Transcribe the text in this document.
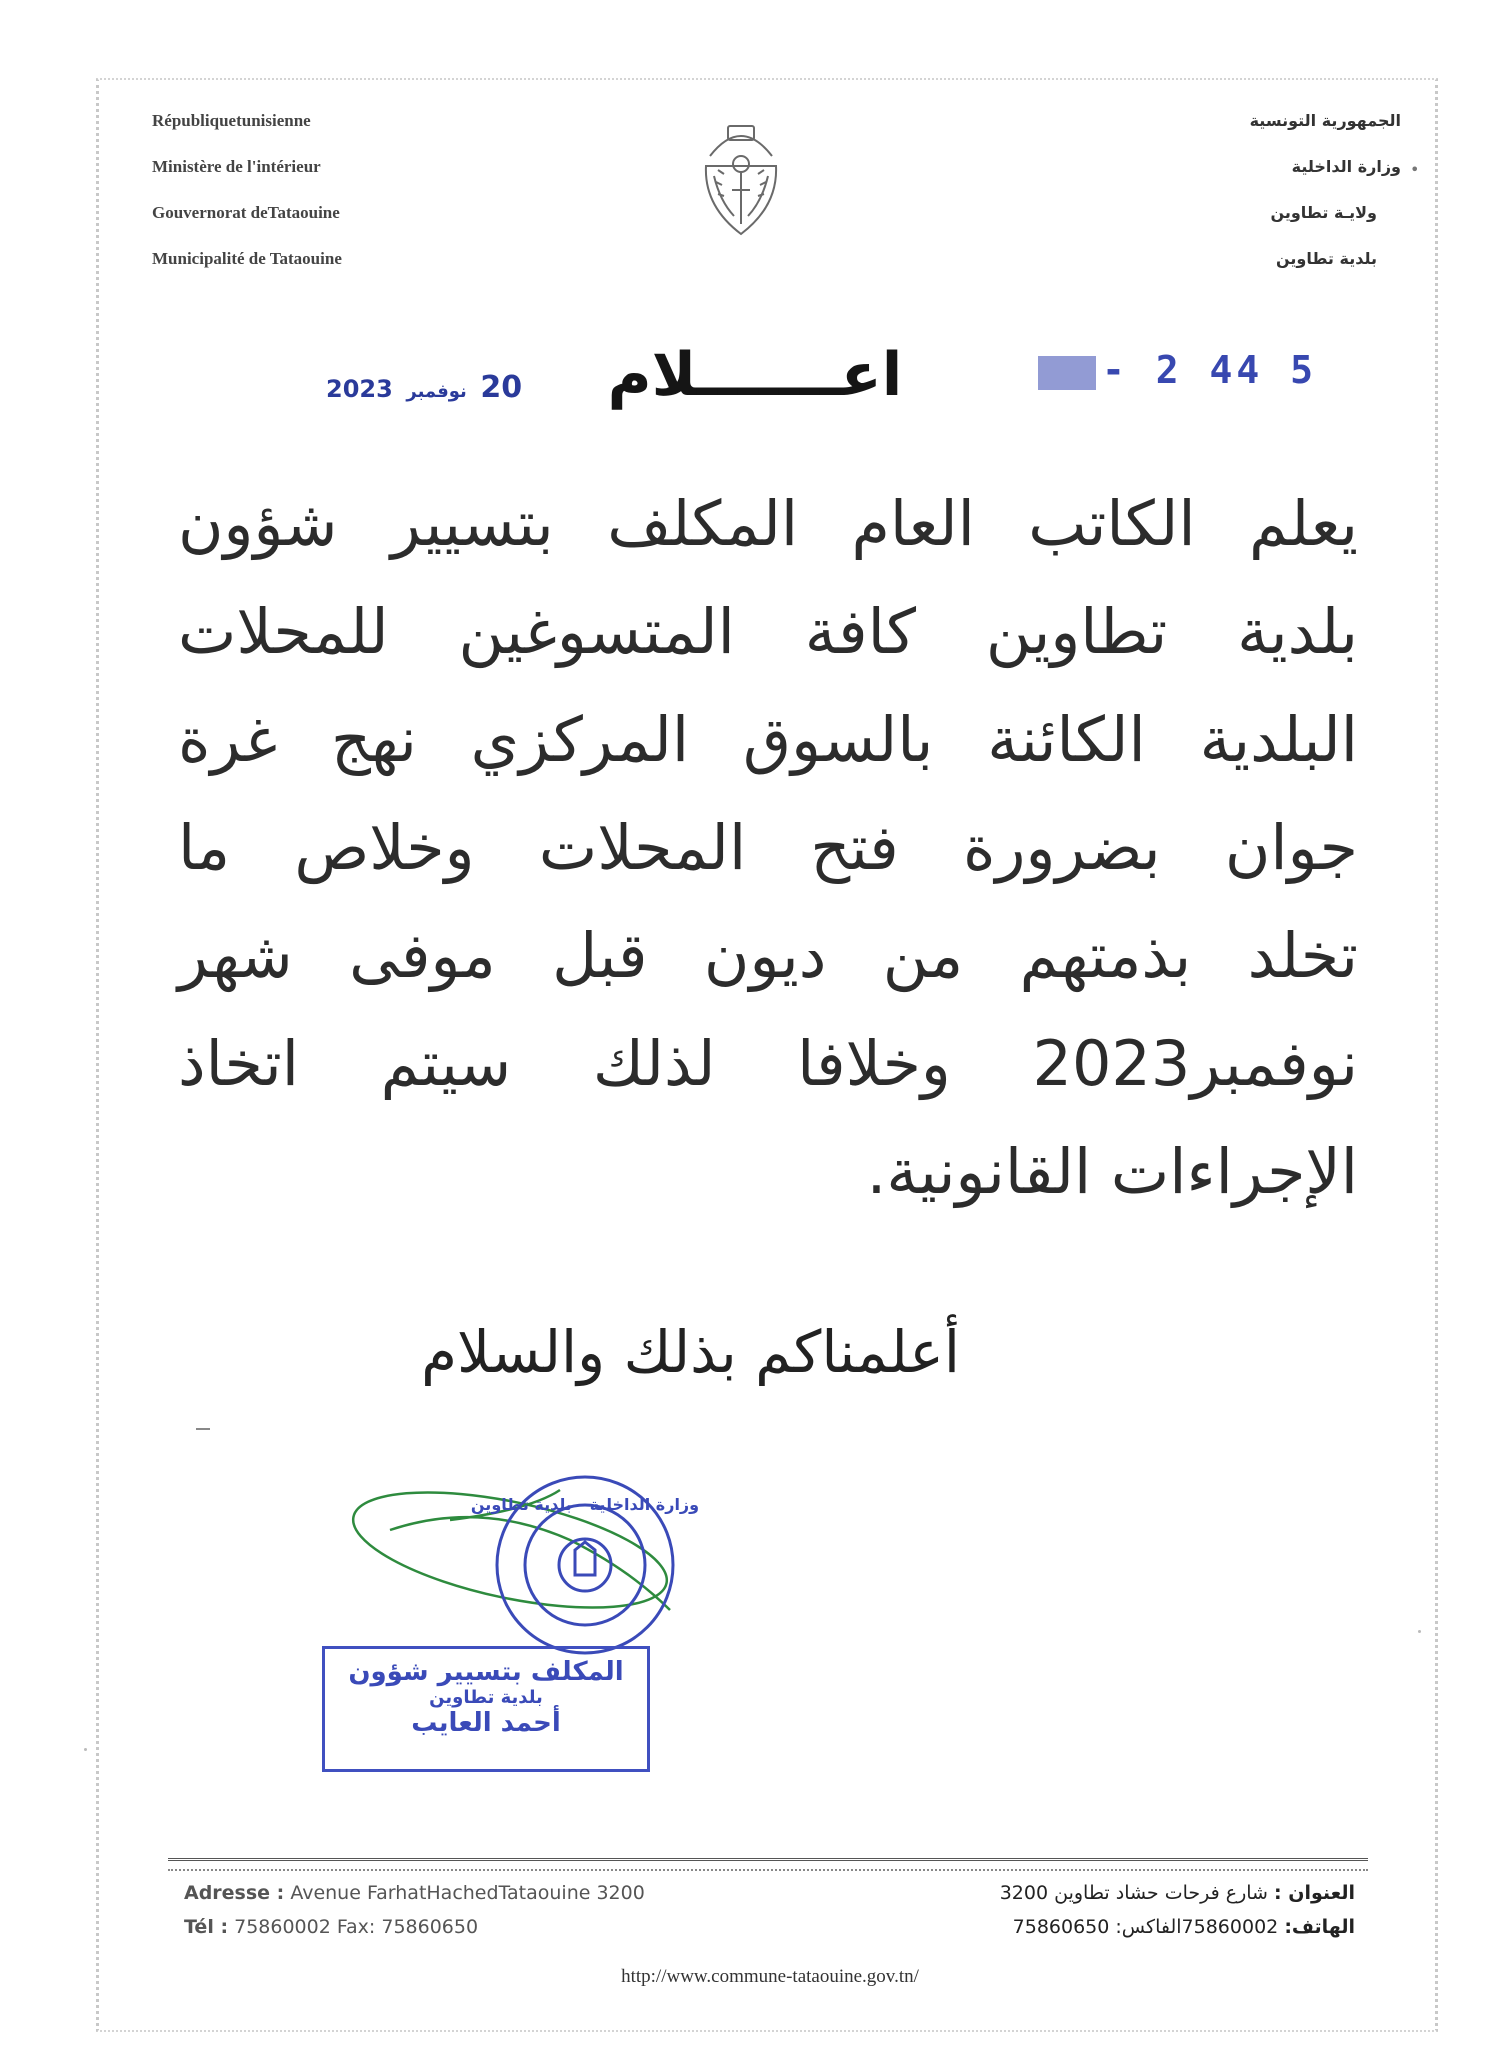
Républiquetunisienne
Ministère de l'intérieur
Gouvernorat deTataouine
Municipalité de Tataouine
الجمهورية التونسية
وزارة الداخلية
ولايـة تطاوين
بلدية تطاوين
•
20 نوفمبر 2023	اعـــــــلام	- 2 44 5
يعلم الكاتب العام المكلف بتسيير شؤون
بلدية تطاوين كافة المتسوغين للمحلات
البلدية الكائنة بالسوق المركزي نهج غرة
جوان بضرورة فتح المحلات وخلاص ما
تخلد بذمتهم من ديون قبل موفى شهر
نوفمبر2023 وخلافا لذلك سيتم اتخاذ
الإجراءات القانونية.
أعلمناكم بذلك والسلام
وزارة الداخلية - بلدية تطاوين
المكلف بتسيير شؤون
بلدية تطاوين
أحمد العايب
Adresse : Avenue FarhatHachedTataouine 3200
Tél : 75860002 Fax: 75860650
العنوان : شارع فرحات حشاد تطاوين 3200
الهاتف: 75860002الفاكس: 75860650
http://www.commune-tataouine.gov.tn/
